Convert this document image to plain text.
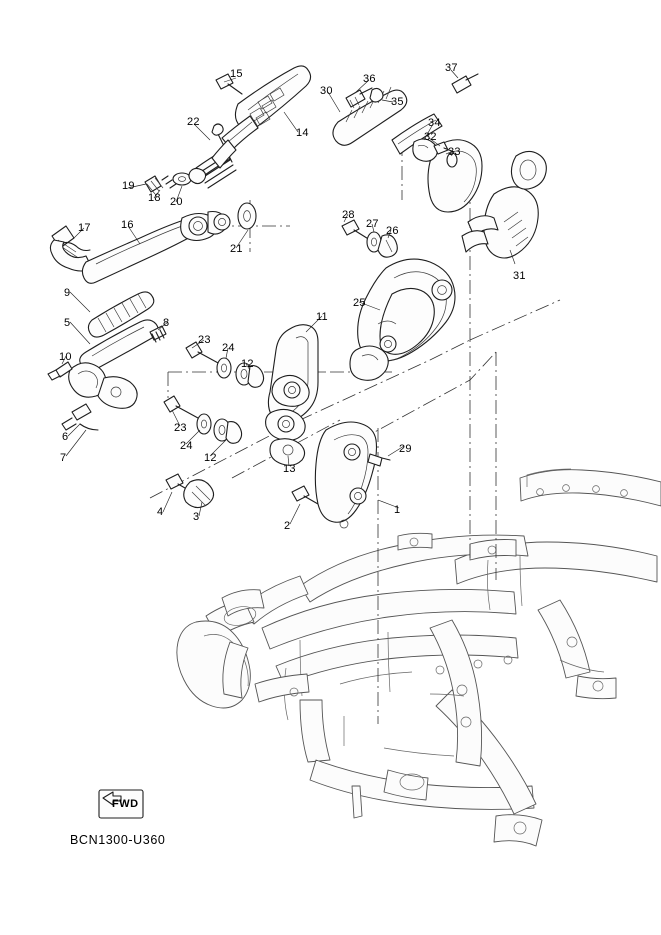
1
2
3
4
5
6
7
8
9
10
11
12
12
13
14
15
16
17
18
19
20
21
22
23
23
24
24
25
26
27
28
29
30
31
32
33
34
35
36
37
FWD
BCN1300-U360
